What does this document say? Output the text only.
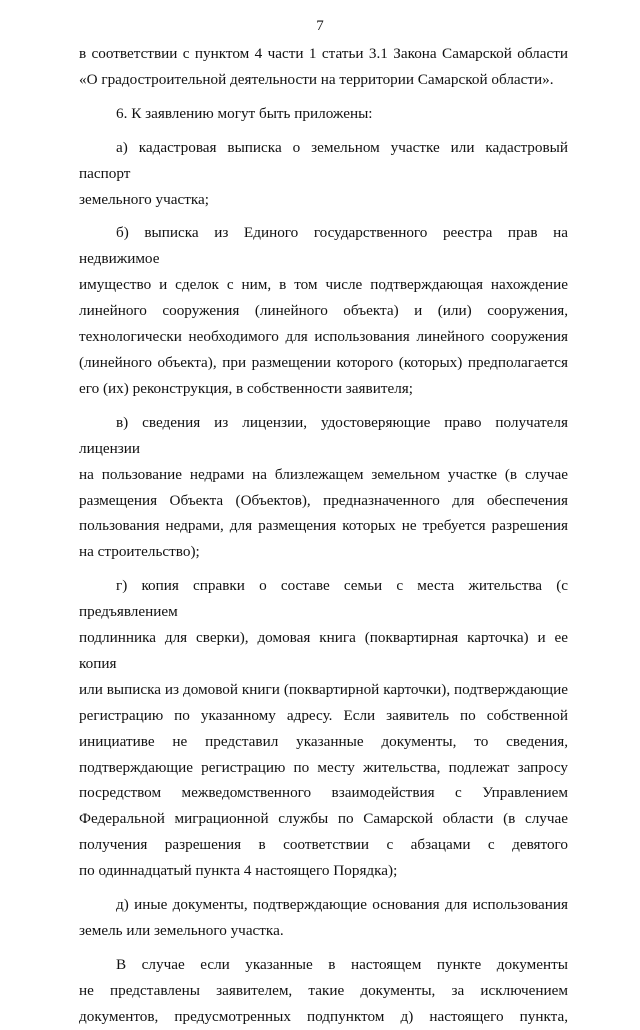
7
в соответствии с пунктом 4 части 1 статьи 3.1 Закона Самарской области
«О градостроительной деятельности на территории Самарской области».
6. К заявлению могут быть приложены:
а) кадастровая выписка о земельном участке или кадастровый паспорт
земельного участка;
б) выписка из Единого государственного реестра прав на недвижимое
имущество и сделок с ним, в том числе подтверждающая нахождение
линейного сооружения (линейного объекта) и (или) сооружения,
технологически необходимого для использования линейного сооружения
(линейного объекта), при размещении которого (которых) предполагается
его (их) реконструкция, в собственности заявителя;
в) сведения из лицензии, удостоверяющие право получателя лицензии
на пользование недрами на близлежащем земельном участке (в случае
размещения Объекта (Объектов), предназначенного для обеспечения
пользования недрами, для размещения которых не требуется разрешения
на строительство);
г) копия справки о составе семьи с места жительства (с предъявлением
подлинника для сверки), домовая книга (поквартирная карточка) и ее копия
или выписка из домовой книги (поквартирной карточки), подтверждающие
регистрацию по указанному адресу. Если заявитель по собственной
инициативе не представил указанные документы, то сведения,
подтверждающие регистрацию по месту жительства, подлежат запросу
посредством межведомственного взаимодействия с Управлением
Федеральной миграционной службы по Самарской области (в случае
получения разрешения в соответствии с абзацами с девятого
по одиннадцатый пункта 4 настоящего Порядка);
д) иные документы, подтверждающие основания для использования
земель или земельного участка.
В случае если указанные в настоящем пункте документы
не представлены заявителем, такие документы, за исключением
документов, предусмотренных подпунктом д) настоящего пункта,
